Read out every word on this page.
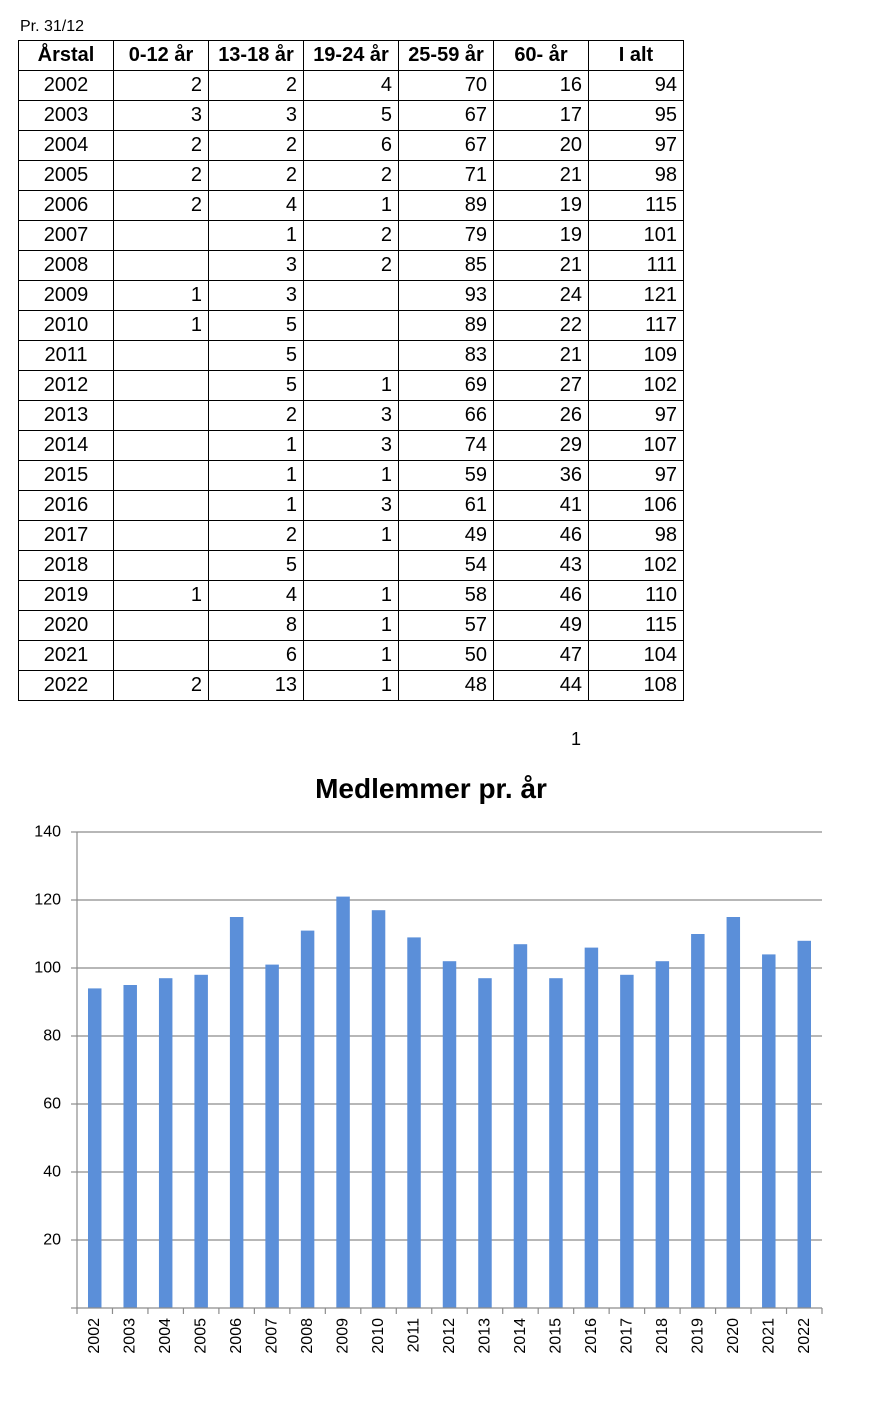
Pr. 31/12
Årstal	0-12 år	13-18 år	19-24 år	25-59 år	60- år	I alt
2002	2	2	4	70	16	94
2003	3	3	5	67	17	95
2004	2	2	6	67	20	97
2005	2	2	2	71	21	98
2006	2	4	1	89	19	115
2007		1	2	79	19	101
2008		3	2	85	21	111
2009	1	3		93	24	121
2010	1	5		89	22	117
2011		5		83	21	109
2012		5	1	69	27	102
2013		2	3	66	26	97
2014		1	3	74	29	107
2015		1	1	59	36	97
2016		1	3	61	41	106
2017		2	1	49	46	98
2018		5		54	43	102
2019	1	4	1	58	46	110
2020		8	1	57	49	115
2021		6	1	50	47	104
2022	2	13	1	48	44	108
1
Medlemmer pr. år
20
40
60
80
100
120
140
2002 2003 2004 2005 2006 2007 2008 2009 2010 2011 2012 2013 2014 2015 2016 2017 2018 2019 2020 2021 2022
